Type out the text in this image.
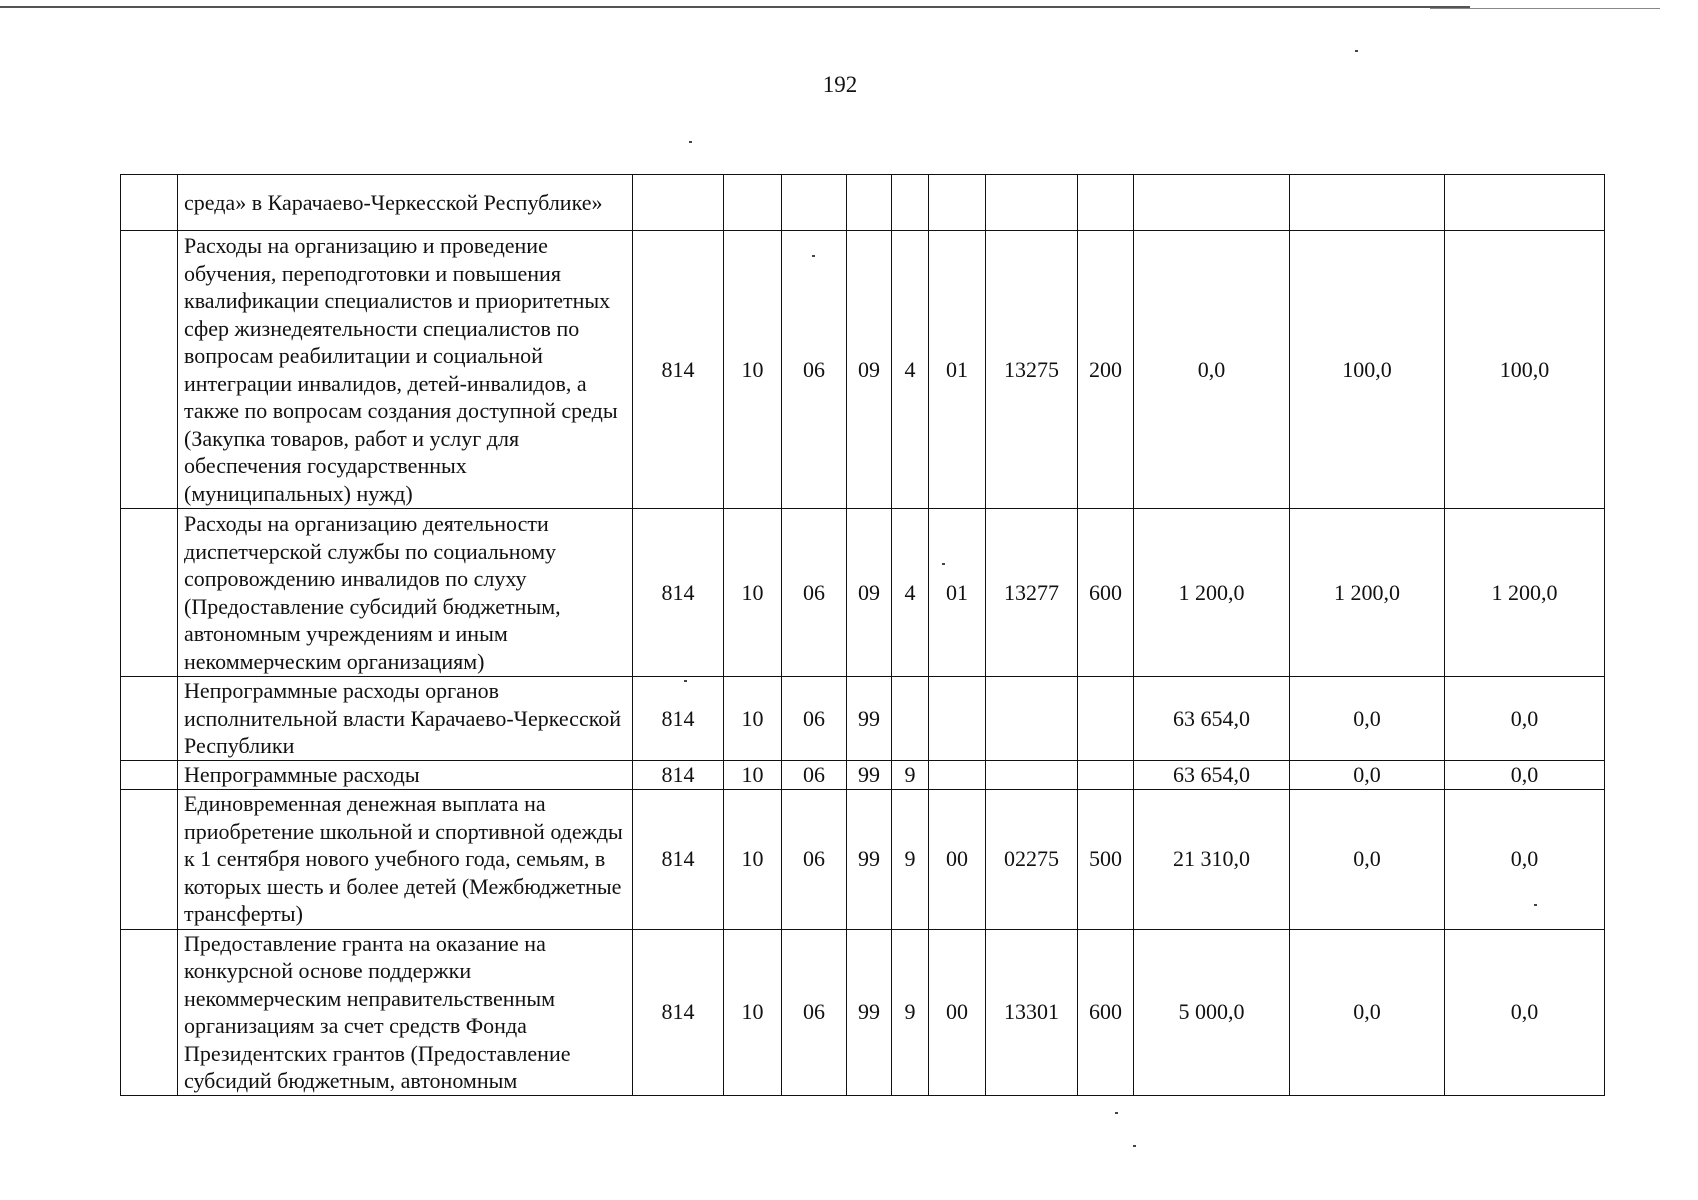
192
	среда» в Карачаево-Черкесской Республике»											
	Расходы на организацию и проведение обучения, переподготовки и повышения квалификации специалистов и приоритетных сфер жизнедеятельности специалистов по вопросам реабилитации и социальной интеграции инвалидов, детей-инвалидов, а также по вопросам создания доступной среды (Закупка товаров, работ и услуг для обеспечения государственных (муниципальных) нужд)	814	10	06	09	4	01	13275	200	0,0	100,0	100,0
	Расходы на организацию деятельности диспетчерской службы по социальному сопровождению инвалидов по слуху (Предоставление субсидий бюджетным, автономным учреждениям и иным некоммерческим организациям)	814	10	06	09	4	01	13277	600	1 200,0	1 200,0	1 200,0
	Непрограммные расходы органов исполнительной власти Карачаево-Черкесской Республики	814	10	06	99					63 654,0	0,0	0,0
	Непрограммные расходы	814	10	06	99	9				63 654,0	0,0	0,0
	Единовременная денежная выплата на приобретение школьной и спортивной одежды к 1 сентября нового учебного года, семьям, в которых шесть и более детей (Межбюджетные трансферты)	814	10	06	99	9	00	02275	500	21 310,0	0,0	0,0
	Предоставление гранта на оказание на конкурсной основе поддержки некоммерческим неправительственным организациям за счет средств Фонда Президентских грантов (Предоставление субсидий бюджетным, автономным	814	10	06	99	9	00	13301	600	5 000,0	0,0	0,0
